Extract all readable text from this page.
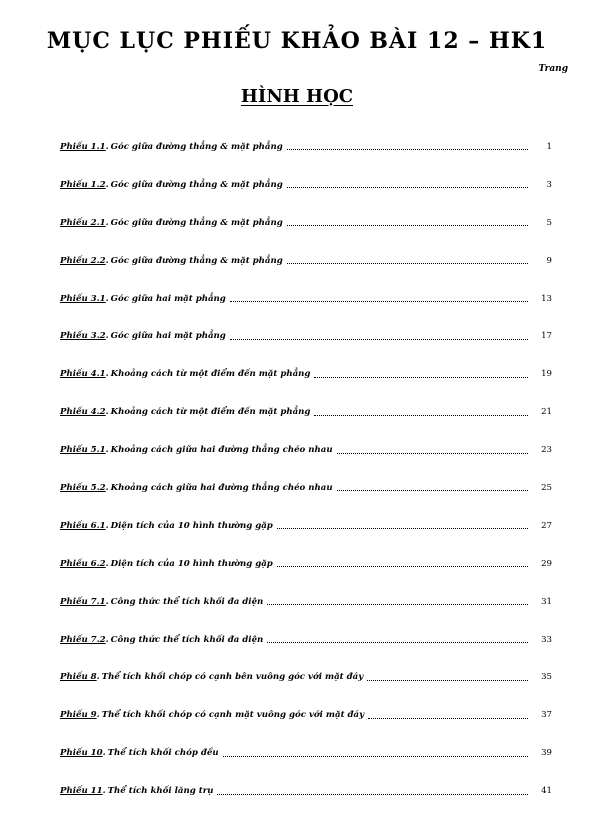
MỤC LỤC PHIẾU KHẢO BÀI 12 – HK1
Trang
HÌNH HỌC
Phiếu 1.1. Góc giữa đường thẳng & mặt phẳng	1
Phiếu 1.2. Góc giữa đường thẳng & mặt phẳng	3
Phiếu 2.1. Góc giữa đường thẳng & mặt phẳng	5
Phiếu 2.2. Góc giữa đường thẳng & mặt phẳng	9
Phiếu 3.1. Góc giữa hai mặt phẳng	13
Phiếu 3.2. Góc giữa hai mặt phẳng	17
Phiếu 4.1. Khoảng cách từ một điểm đến mặt phẳng	19
Phiếu 4.2. Khoảng cách từ một điểm đến mặt phẳng	21
Phiếu 5.1. Khoảng cách giữa hai đường thẳng chéo nhau	23
Phiếu 5.2. Khoảng cách giữa hai đường thẳng chéo nhau	25
Phiếu 6.1. Diện tích của 10 hình thường gặp	27
Phiếu 6.2. Diện tích của 10 hình thường gặp	29
Phiếu 7.1. Công thức thể tích khối đa diện	31
Phiếu 7.2. Công thức thể tích khối đa diện	33
Phiếu 8. Thể tích khối chóp có cạnh bên vuông góc với mặt đáy	35
Phiếu 9. Thể tích khối chóp có cạnh mặt vuông góc với mặt đáy	37
Phiếu 10. Thể tích khối chóp đều	39
Phiếu 11. Thể tích khối lăng trụ	41
